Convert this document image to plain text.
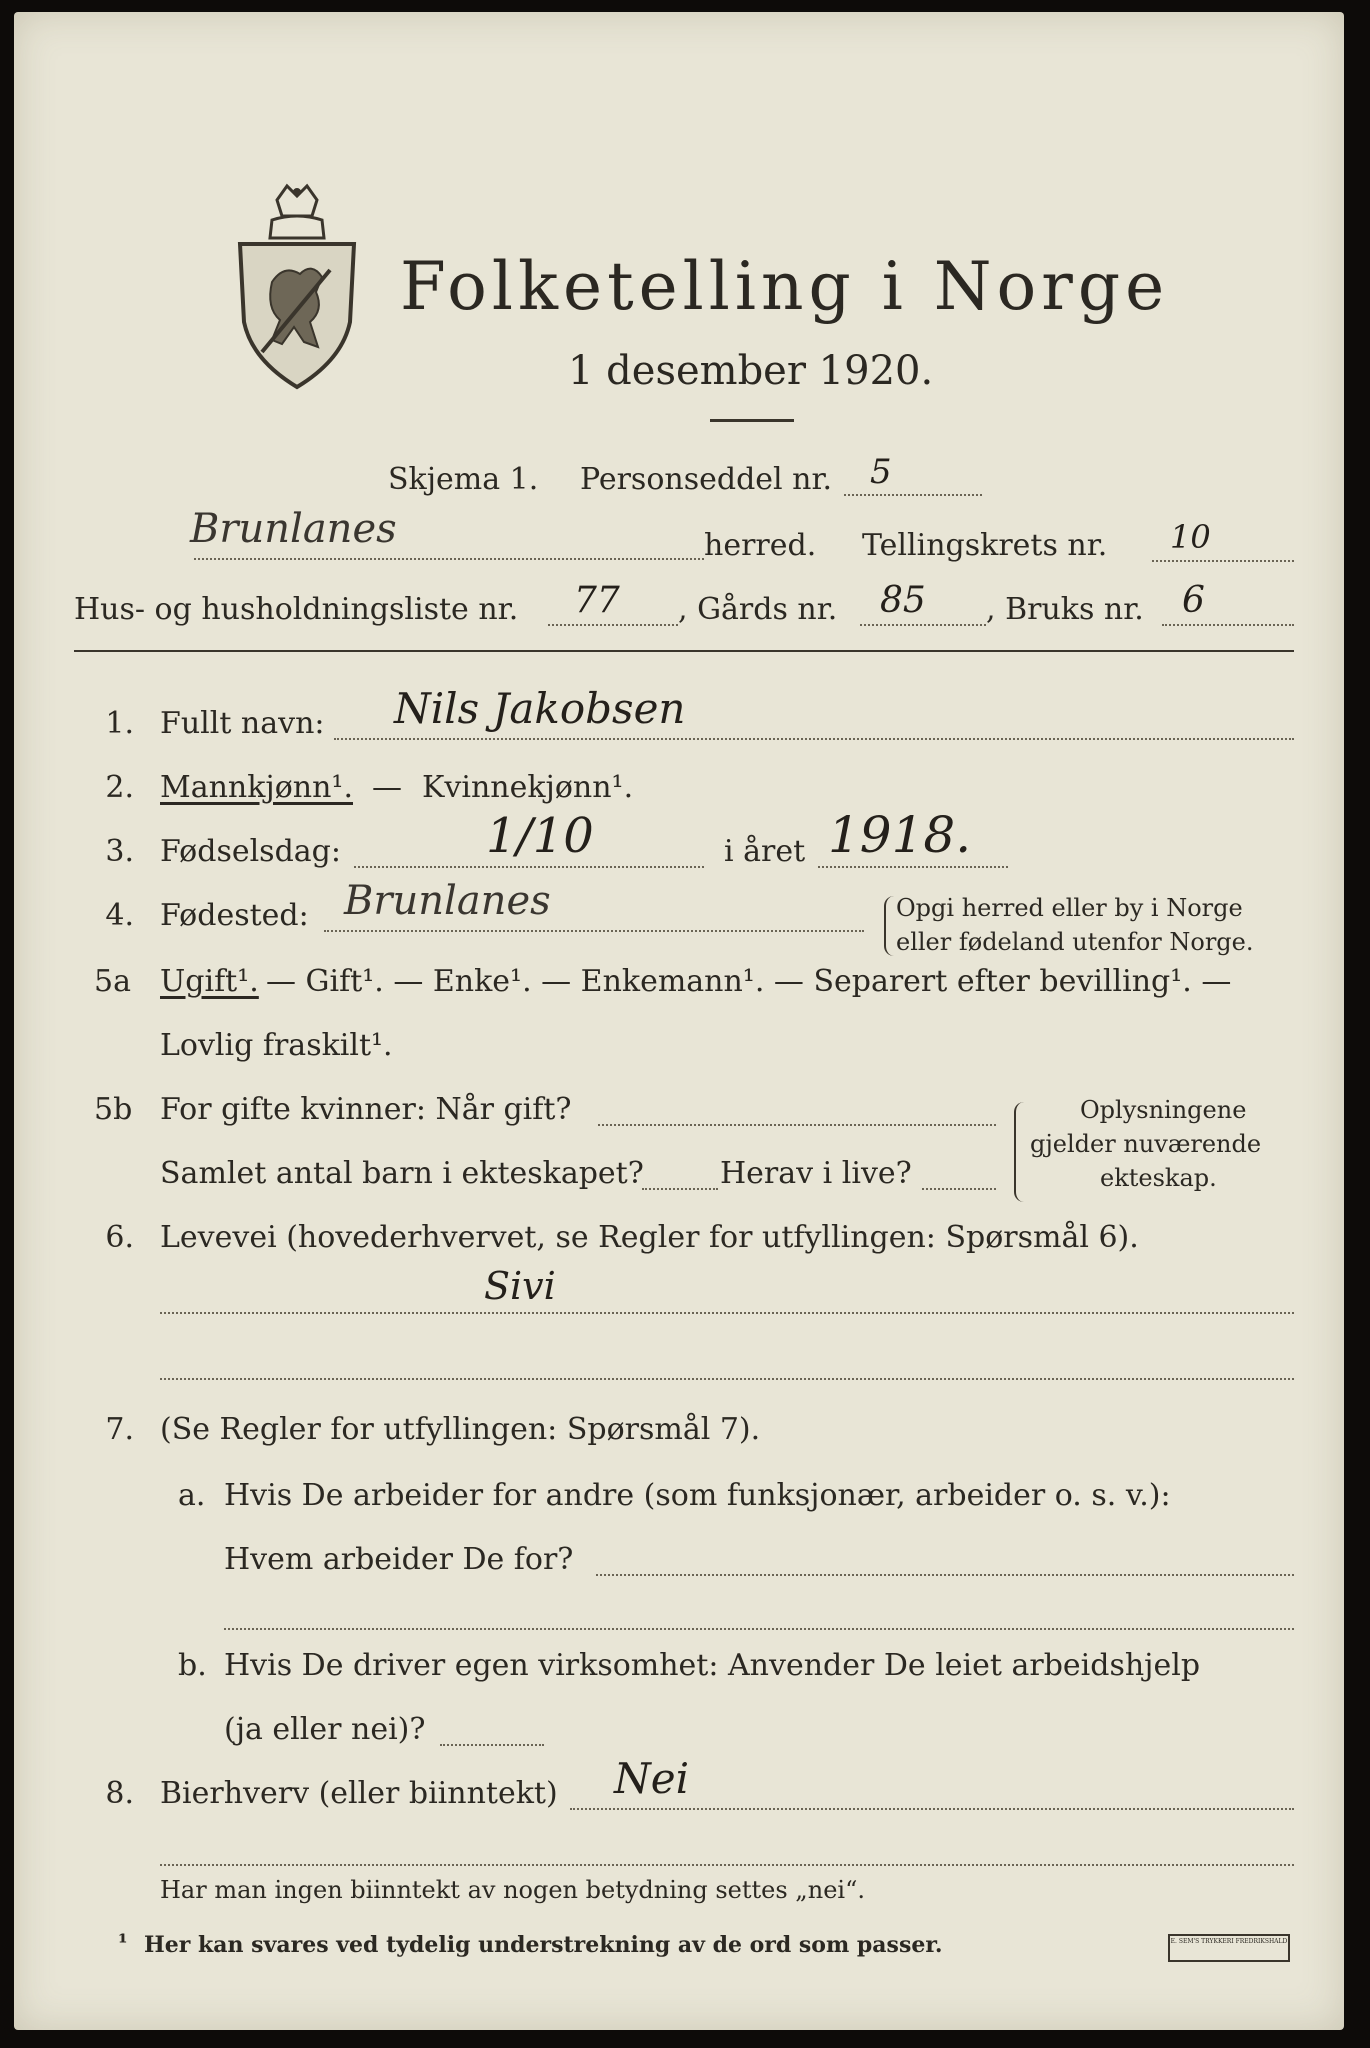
Folketelling i Norge
1 desember 1920.
Skjema 1. Personseddel nr. 5
Brunlanes	herred. Tellingskrets nr. 10
Hus- og husholdningsliste nr. 77 , Gårds nr. 85 , Bruks nr. 6
1. Fullt navn: Nils Jakobsen
2. Mannkjønn¹. — Kvinnekjønn¹.
3. Fødselsdag:	1/10	i året 1918.
4. Fødested: Brunlanes	Opgi herred eller by i Norge
eller fødeland utenfor Norge.
5a Ugift¹. — Gift¹. — Enke¹. — Enkemann¹. — Separert efter bevilling¹. —
Lovlig fraskilt¹.
5b For gifte kvinner: Når gift?
Samlet antal barn i ekteskapet?	Herav i live?
Oplysningene
gjelder nuværende
ekteskap.
6. Levevei (hovederhvervet, se Regler for utfyllingen: Spørsmål 6).
Sivi
7. (Se Regler for utfyllingen: Spørsmål 7).
a. Hvis De arbeider for andre (som funksjonær, arbeider o. s. v.):
Hvem arbeider De for?
b. Hvis De driver egen virksomhet: Anvender De leiet arbeidshjelp
(ja eller nei)?
8. Bierhverv (eller biinntekt) Nei
Har man ingen biinntekt av nogen betydning settes „nei“.
¹ Her kan svares ved tydelig understrekning av de ord som passer.	E. SEM'S TRYKKERI FREDRIKSHALD
